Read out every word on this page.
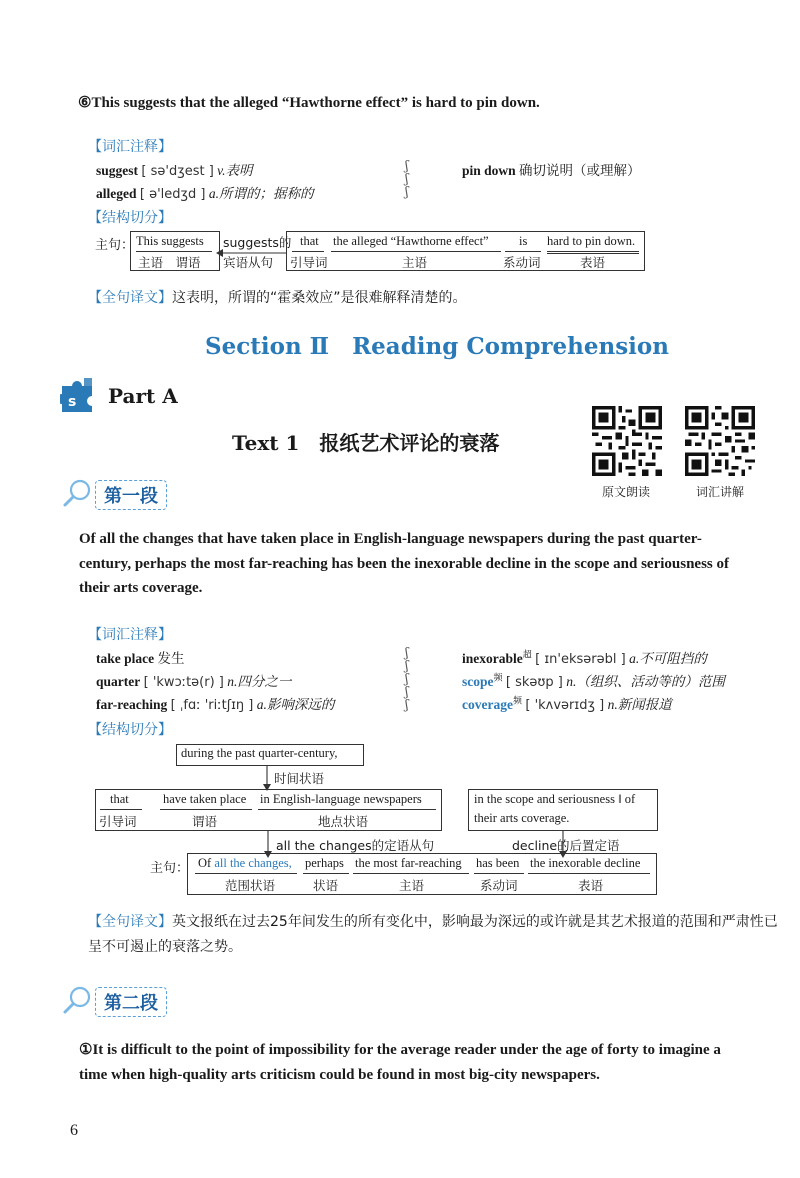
⑥This suggests that the alleged “Hawthorne effect” is hard to pin down.
【词汇注释】
suggest [ sə'dʒest ] v.表明
alleged [ ə'ledʒd ] a.所谓的；据称的
ʃ
ʃ
ʃ
pin down 确切说明（或理解）
【结构切分】
主句： This suggests
主语　谓语
suggests的
宾语从句
that
引导词
the alleged “Hawthorne effect”
主语
is
系动词
hard to pin down.
表语
【全句译文】这表明，所谓的“霍桑效应”是很难解释清楚的。
Section Ⅱ　Reading Comprehension
s Part A
Text 1　报纸艺术评论的衰落
原文朗读	词汇讲解
第一段
Of all the changes that have taken place in English-language newspapers during the past quarter-century, perhaps the most far-reaching has been the inexorable decline in the scope and seriousness of their arts coverage.
【词汇注释】
take place 发生
quarter [ 'kwɔːtə(r) ] n.四分之一
far-reaching [ ˌfɑː 'riːtʃɪŋ ] a.影响深远的
ʃ
ʃ
ʃ
ʃ
ʃ
inexorable$^超$ [ ɪn'eksərəbl ] a.不可阻挡的
scope$^频$ [ skəʊp ] n.（组织、活动等的）范围
coverage$^频$ [ 'kʌvərɪdʒ ] n.新闻报道
【结构切分】
during the past quarter-century,
时间状语
that
引导词
have taken place
谓语
in English-language newspapers
地点状语
in the scope and seriousness ‖ of
their arts coverage.
all the changes的定语从句	decline的后置定语
主句： Of all the changes,
范围状语
perhaps
状语
the most far-reaching
主语
has been
系动词
the inexorable decline
表语
【全句译文】英文报纸在过去25年间发生的所有变化中，影响最为深远的或许就是其艺术报道的范围和严肃性已呈不可遏止的衰落之势。
第二段
①It is difficult to the point of impossibility for the average reader under the age of forty to imagine a time when high-quality arts criticism could be found in most big-city newspapers.
6
